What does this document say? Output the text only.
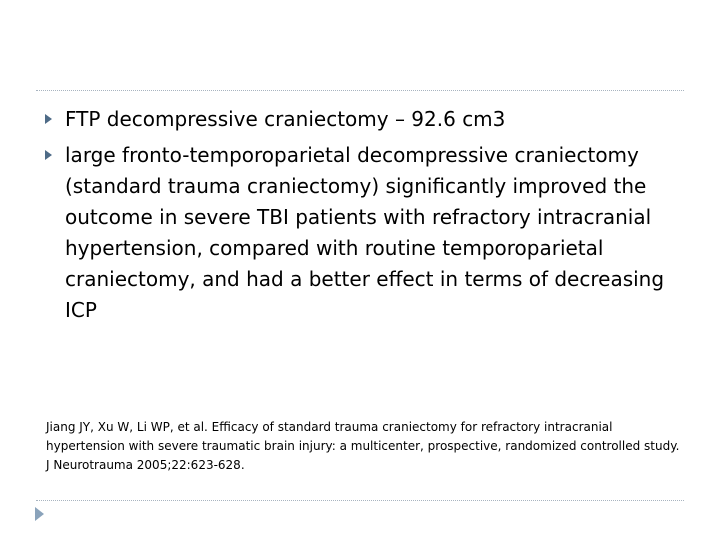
FTP decompressive craniectomy – 92.6 cm3
large fronto-temporoparietal decompressive craniectomy (standard trauma craniectomy) significantly improved the outcome in severe TBI patients with refractory intracranial hypertension, compared with routine temporoparietal craniectomy, and had a better effect in terms of decreasing ICP

Jiang JY, Xu W, Li WP, et al. Efficacy of standard trauma craniectomy for refractory intracranial hypertension with severe traumatic brain injury: a multicenter, prospective, randomized controlled study. J Neurotrauma 2005;22:623-628.
